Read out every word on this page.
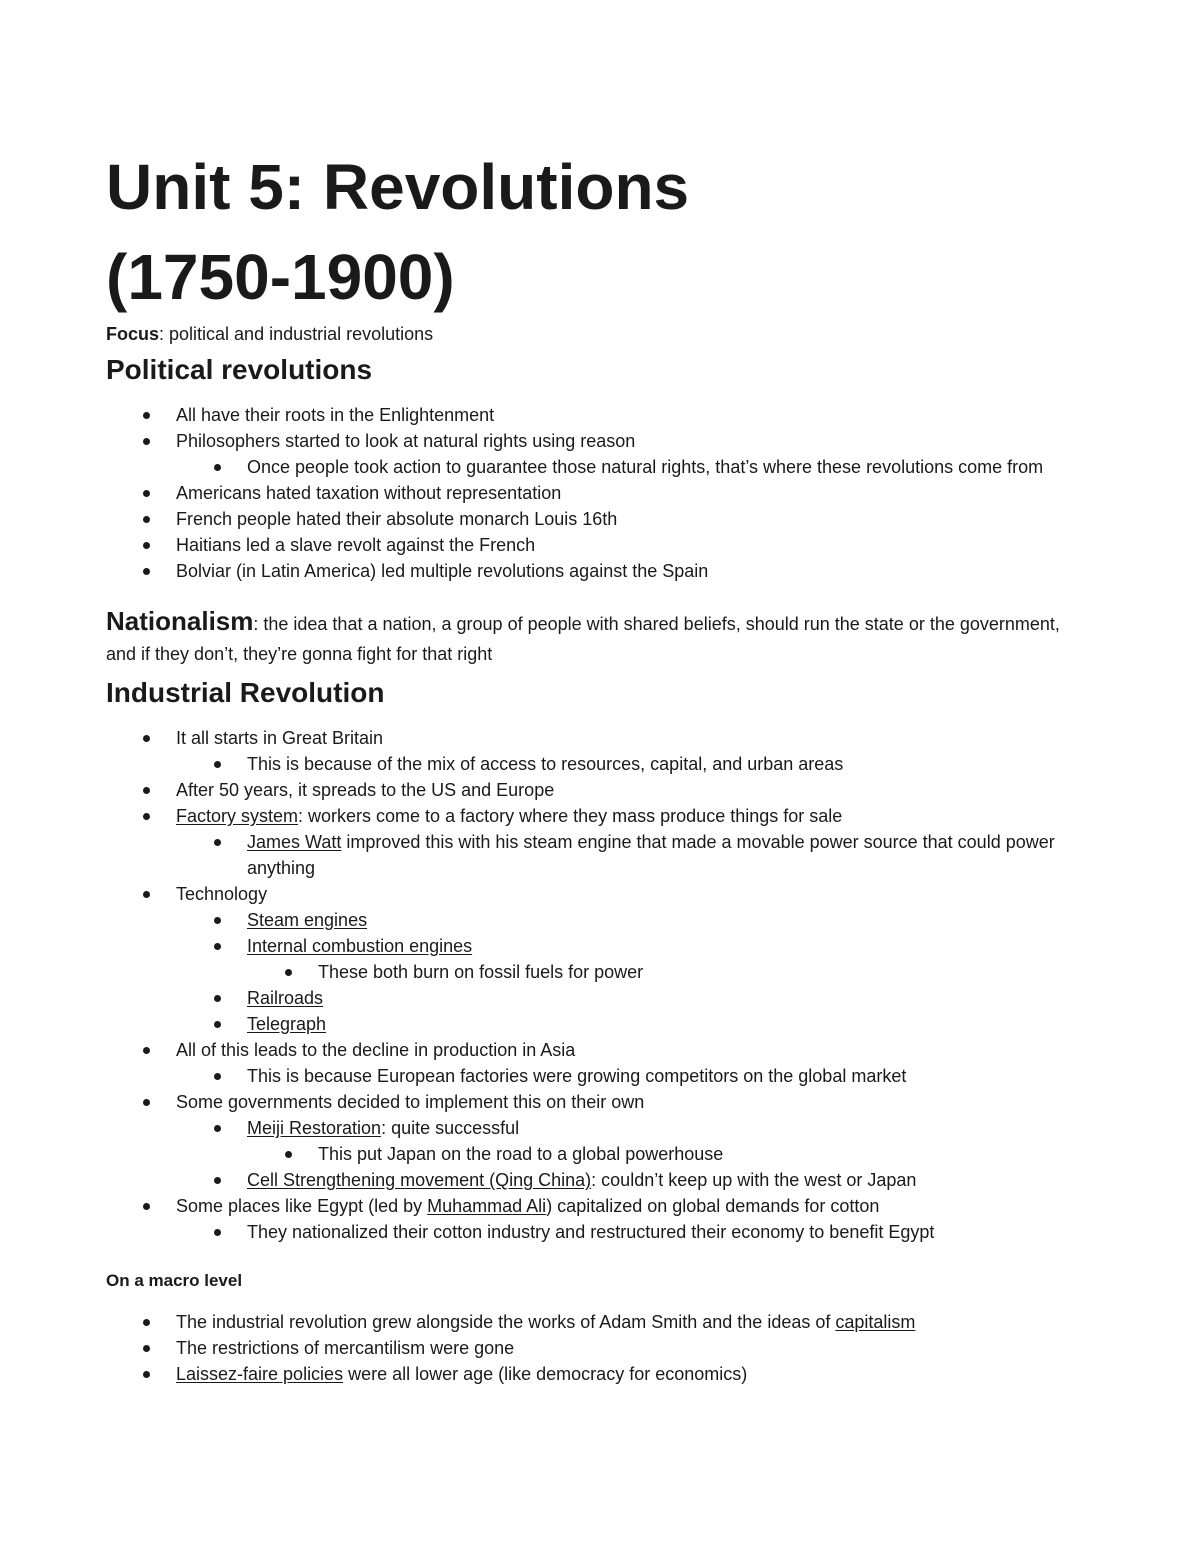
Unit 5: Revolutions
(1750-1900)
Focus: political and industrial revolutions
Political revolutions
All have their roots in the Enlightenment
Philosophers started to look at natural rights using reason
Once people took action to guarantee those natural rights, that’s where these revolutions come from
Americans hated taxation without representation
French people hated their absolute monarch Louis 16th
Haitians led a slave revolt against the French
Bolviar (in Latin America) led multiple revolutions against the Spain
Nationalism: the idea that a nation, a group of people with shared beliefs, should run the state or the government, and if they don’t, they’re gonna fight for that right
Industrial Revolution
It all starts in Great Britain
This is because of the mix of access to resources, capital, and urban areas
After 50 years, it spreads to the US and Europe
Factory system: workers come to a factory where they mass produce things for sale
James Watt improved this with his steam engine that made a movable power source that could power anything
Technology
Steam engines
Internal combustion engines
These both burn on fossil fuels for power
Railroads
Telegraph
All of this leads to the decline in production in Asia
This is because European factories were growing competitors on the global market
Some governments decided to implement this on their own
Meiji Restoration: quite successful
This put Japan on the road to a global powerhouse
Cell Strengthening movement (Qing China): couldn’t keep up with the west or Japan
Some places like Egypt (led by Muhammad Ali) capitalized on global demands for cotton
They nationalized their cotton industry and restructured their economy to benefit Egypt
On a macro level
The industrial revolution grew alongside the works of Adam Smith and the ideas of capitalism
The restrictions of mercantilism were gone
Laissez-faire policies were all lower age (like democracy for economics)
